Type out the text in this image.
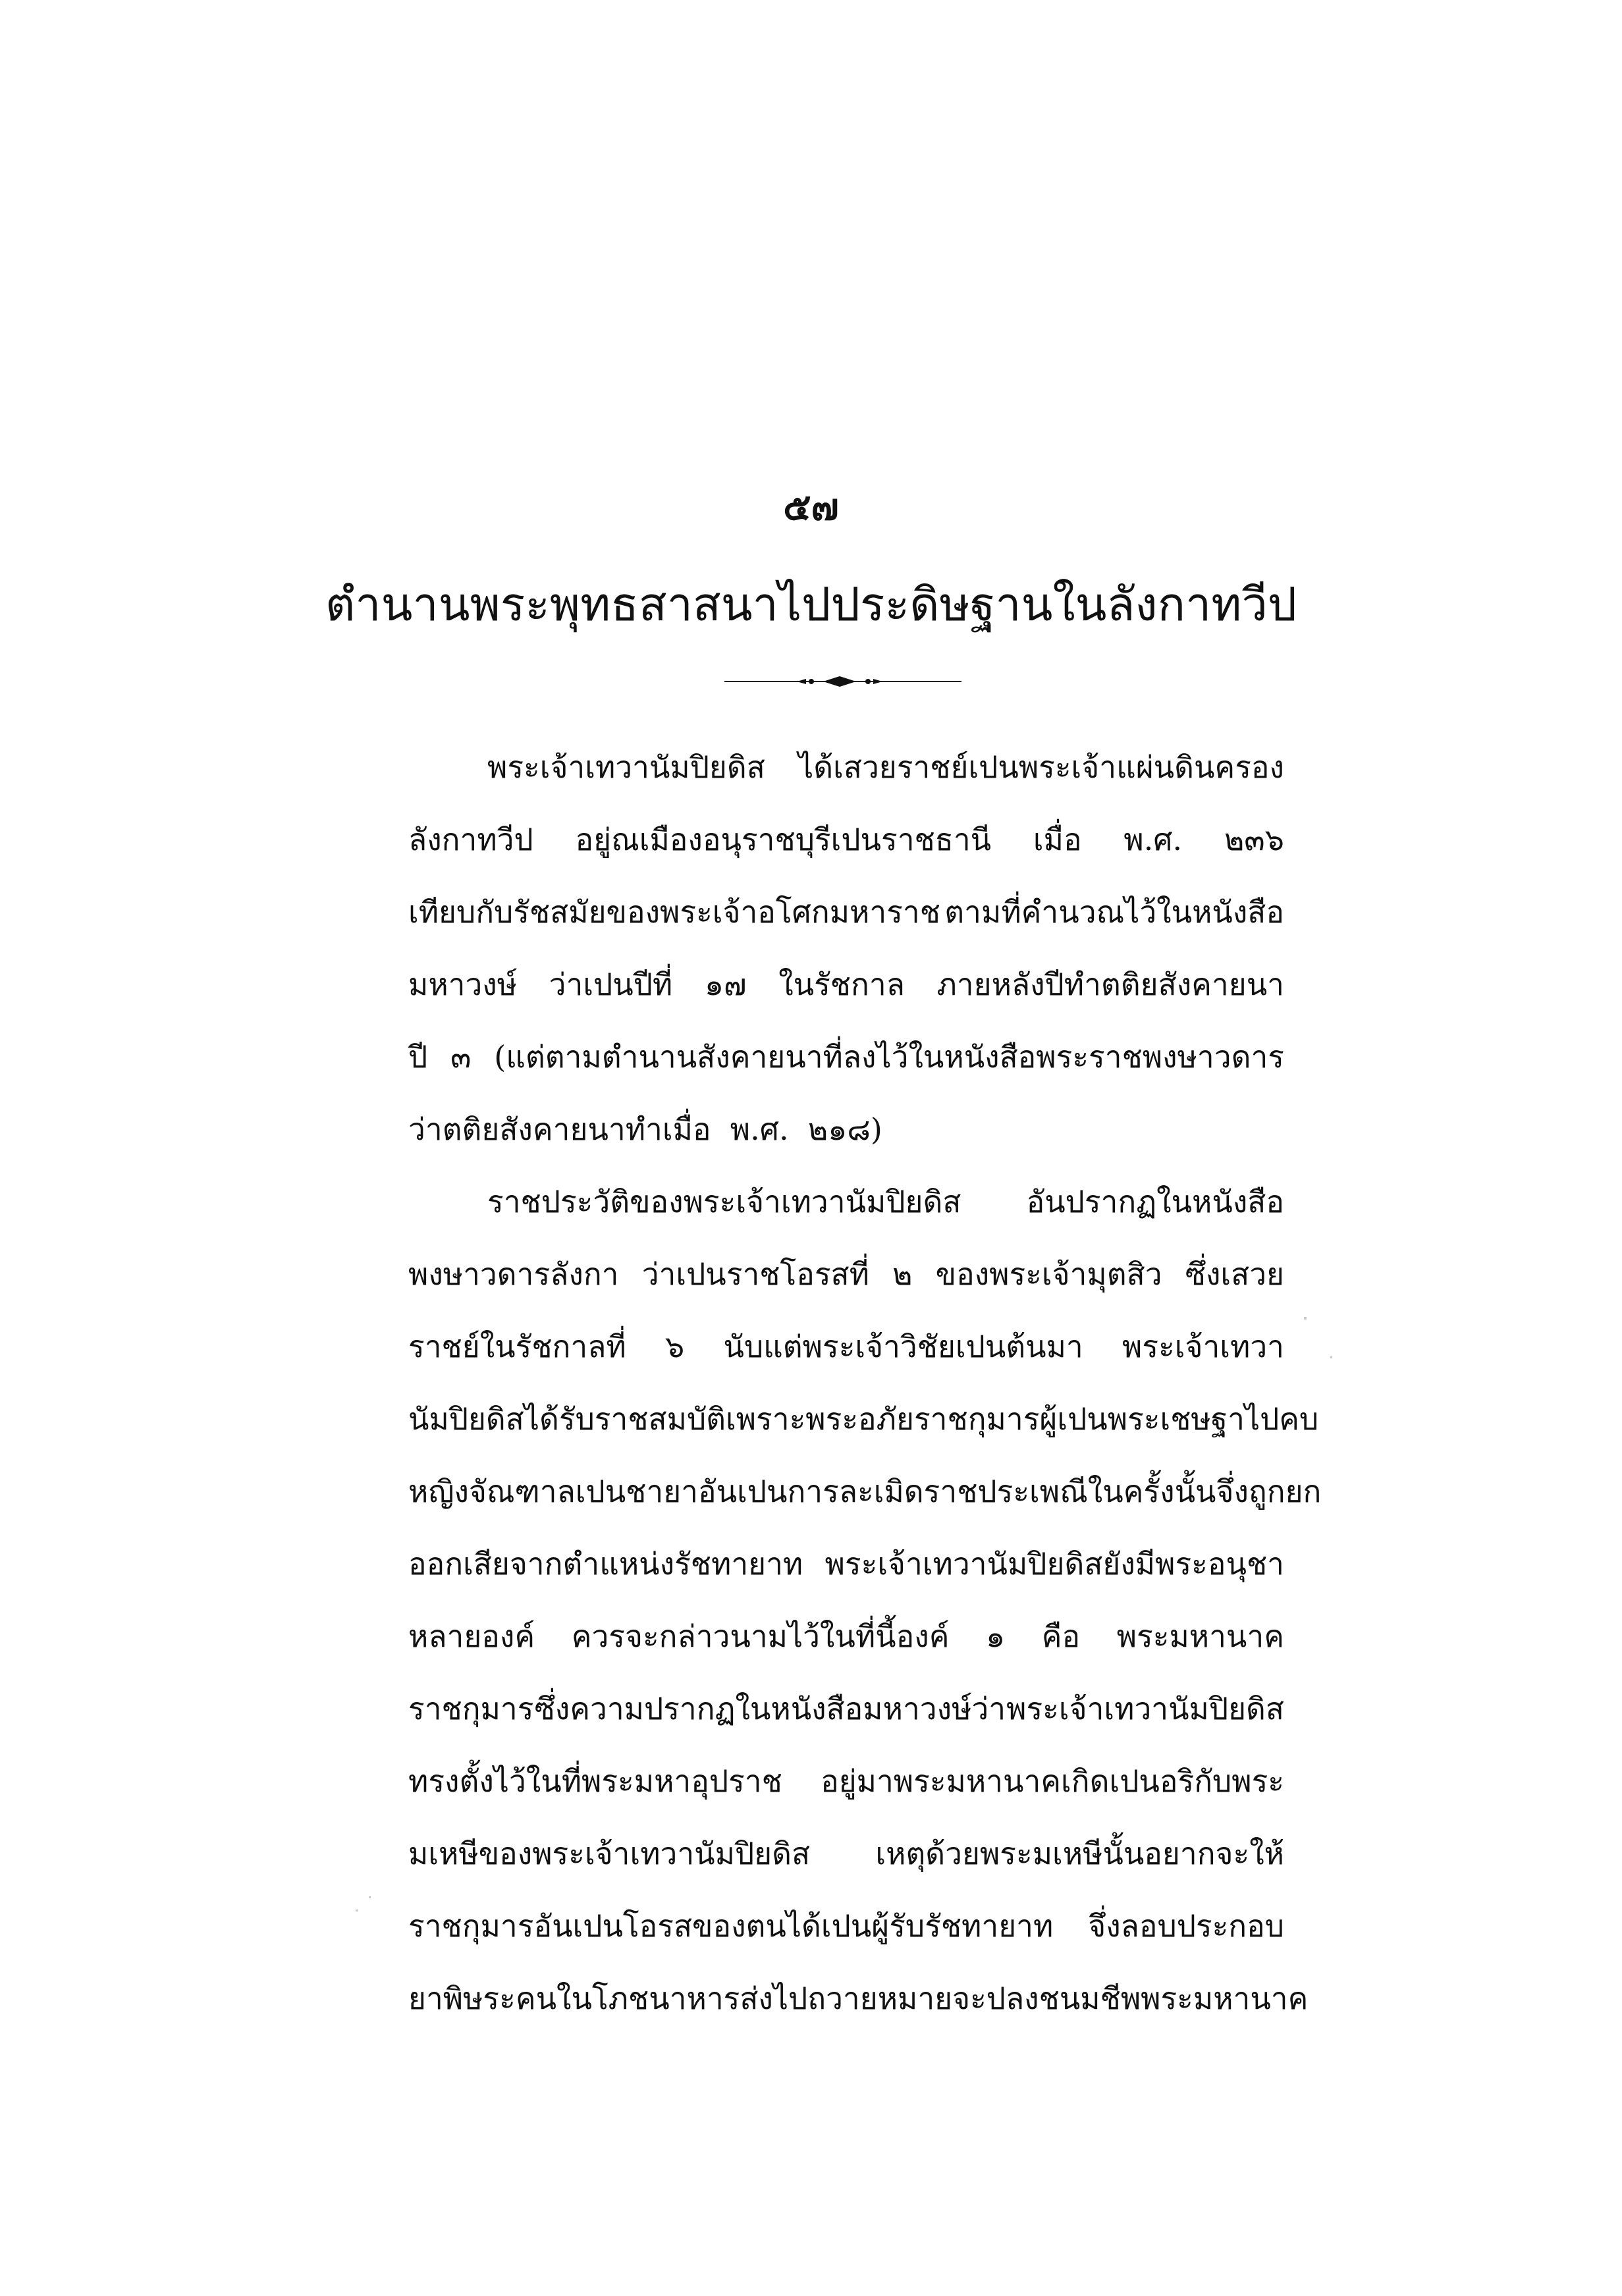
๕๗
ตำนานพระพุทธสาสนาไปประดิษฐานในลังกาทวีป
พระเจ้าเทวานัมปิยดิส ได้เสวยราชย์เปนพระเจ้าแผ่นดินครอง
ลังกาทวีป อยู่ณเมืองอนุราชบุรีเปนราชธานี เมื่อ พ.ศ. ๒๓๖
เทียบกับรัชสมัยของพระเจ้าอโศกมหาราช ตามที่คำนวณไว้ในหนังสือ
มหาวงษ์ ว่าเปนปีที่ ๑๗ ในรัชกาล ภายหลังปีทำตติยสังคายนา
ปี ๓ (แต่ตามตำนานสังคายนาที่ลงไว้ในหนังสือพระราชพงษาวดาร
ว่าตติยสังคายนาทำเมื่อ พ.ศ. ๒๑๘)
ราชประวัติของพระเจ้าเทวานัมปิยดิส อันปรากฏในหนังสือ
พงษาวดารลังกา ว่าเปนราชโอรสที่ ๒ ของพระเจ้ามุตสิว ซึ่งเสวย
ราชย์ในรัชกาลที่ ๖ นับแต่พระเจ้าวิชัยเปนต้นมา พระเจ้าเทวา
นัมปิยดิสได้รับราชสมบัติเพราะพระอภัยราชกุมารผู้เปนพระเชษฐาไปคบ
หญิงจัณฑาลเปนชายา อันเปนการละเมิดราชประเพณีในครั้งนั้นจึ่งถูกยก
ออกเสียจากตำแหน่งรัชทายาท พระเจ้าเทวานัมปิยดิสยังมีพระอนุชา
หลายองค์ ควรจะกล่าวนามไว้ในที่นี้องค์ ๑ คือ พระมหานาค
ราชกุมาร ซึ่งความปรากฏในหนังสือมหาวงษ์ว่า พระเจ้าเทวานัมปิยดิส
ทรงตั้งไว้ในที่พระมหาอุปราช อยู่มาพระมหานาคเกิดเปนอริกับพระ
มเหษีของพระเจ้าเทวานัมปิยดิส เหตุด้วยพระมเหษีนั้นอยากจะให้
ราชกุมารอันเปนโอรสของตนได้เปนผู้รับรัชทายาท จึ่งลอบประกอบ
ยาพิษระคนในโภชนาหารส่งไปถวาย หมายจะปลงชนมชีพพระมหานาค
